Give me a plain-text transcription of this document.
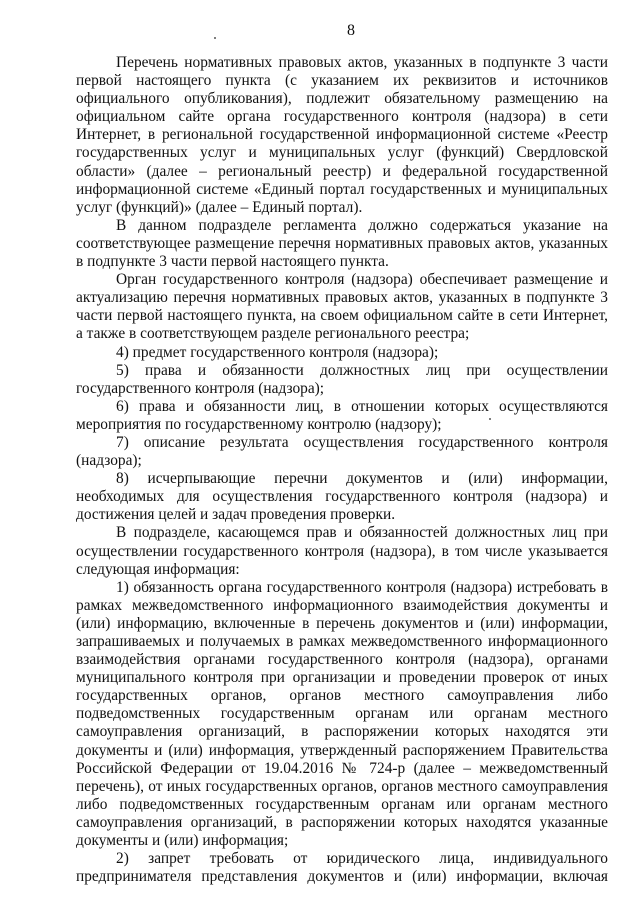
8

Перечень нормативных правовых актов, указанных в подпункте 3 части первой настоящего пункта (с указанием их реквизитов и источников официального опубликования), подлежит обязательному размещению на официальном сайте органа государственного контроля (надзора) в сети Интернет, в региональной государственной информационной системе «Реестр государственных услуг и муниципальных услуг (функций) Свердловской области» (далее – региональный реестр) и федеральной государственной информационной системе «Единый портал государственных и муниципальных услуг (функций)» (далее – Единый портал).

В данном подразделе регламента должно содержаться указание на соответствующее размещение перечня нормативных правовых актов, указанных в подпункте 3 части первой настоящего пункта.

Орган государственного контроля (надзора) обеспечивает размещение и актуализацию перечня нормативных правовых актов, указанных в подпункте 3 части первой настоящего пункта, на своем официальном сайте в сети Интернет, а также в соответствующем разделе регионального реестра;

4) предмет государственного контроля (надзора);

5) права и обязанности должностных лиц при осуществлении государственного контроля (надзора);

6) права и обязанности лиц, в отношении которых осуществляются мероприятия по государственному контролю (надзору);

7) описание результата осуществления государственного контроля (надзора);

8) исчерпывающие перечни документов и (или) информации, необходимых для осуществления государственного контроля (надзора) и достижения целей и задач проведения проверки.

В подразделе, касающемся прав и обязанностей должностных лиц при осуществлении государственного контроля (надзора), в том числе указывается следующая информация:

1) обязанность органа государственного контроля (надзора) истребовать в рамках межведомственного информационного взаимодействия документы и (или) информацию, включенные в перечень документов и (или) информации, запрашиваемых и получаемых в рамках межведомственного информационного взаимодействия органами государственного контроля (надзора), органами муниципального контроля при организации и проведении проверок от иных государственных органов, органов местного самоуправления либо подведомственных государственным органам или органам местного самоуправления организаций, в распоряжении которых находятся эти документы и (или) информация, утвержденный распоряжением Правительства Российской Федерации от 19.04.2016 № 724-р (далее – межведомственный перечень), от иных государственных органов, органов местного самоуправления либо подведомственных государственным органам или органам местного самоуправления организаций, в распоряжении которых находятся указанные документы и (или) информация;

2) запрет требовать от юридического лица, индивидуального предпринимателя представления документов и (или) информации, включая
